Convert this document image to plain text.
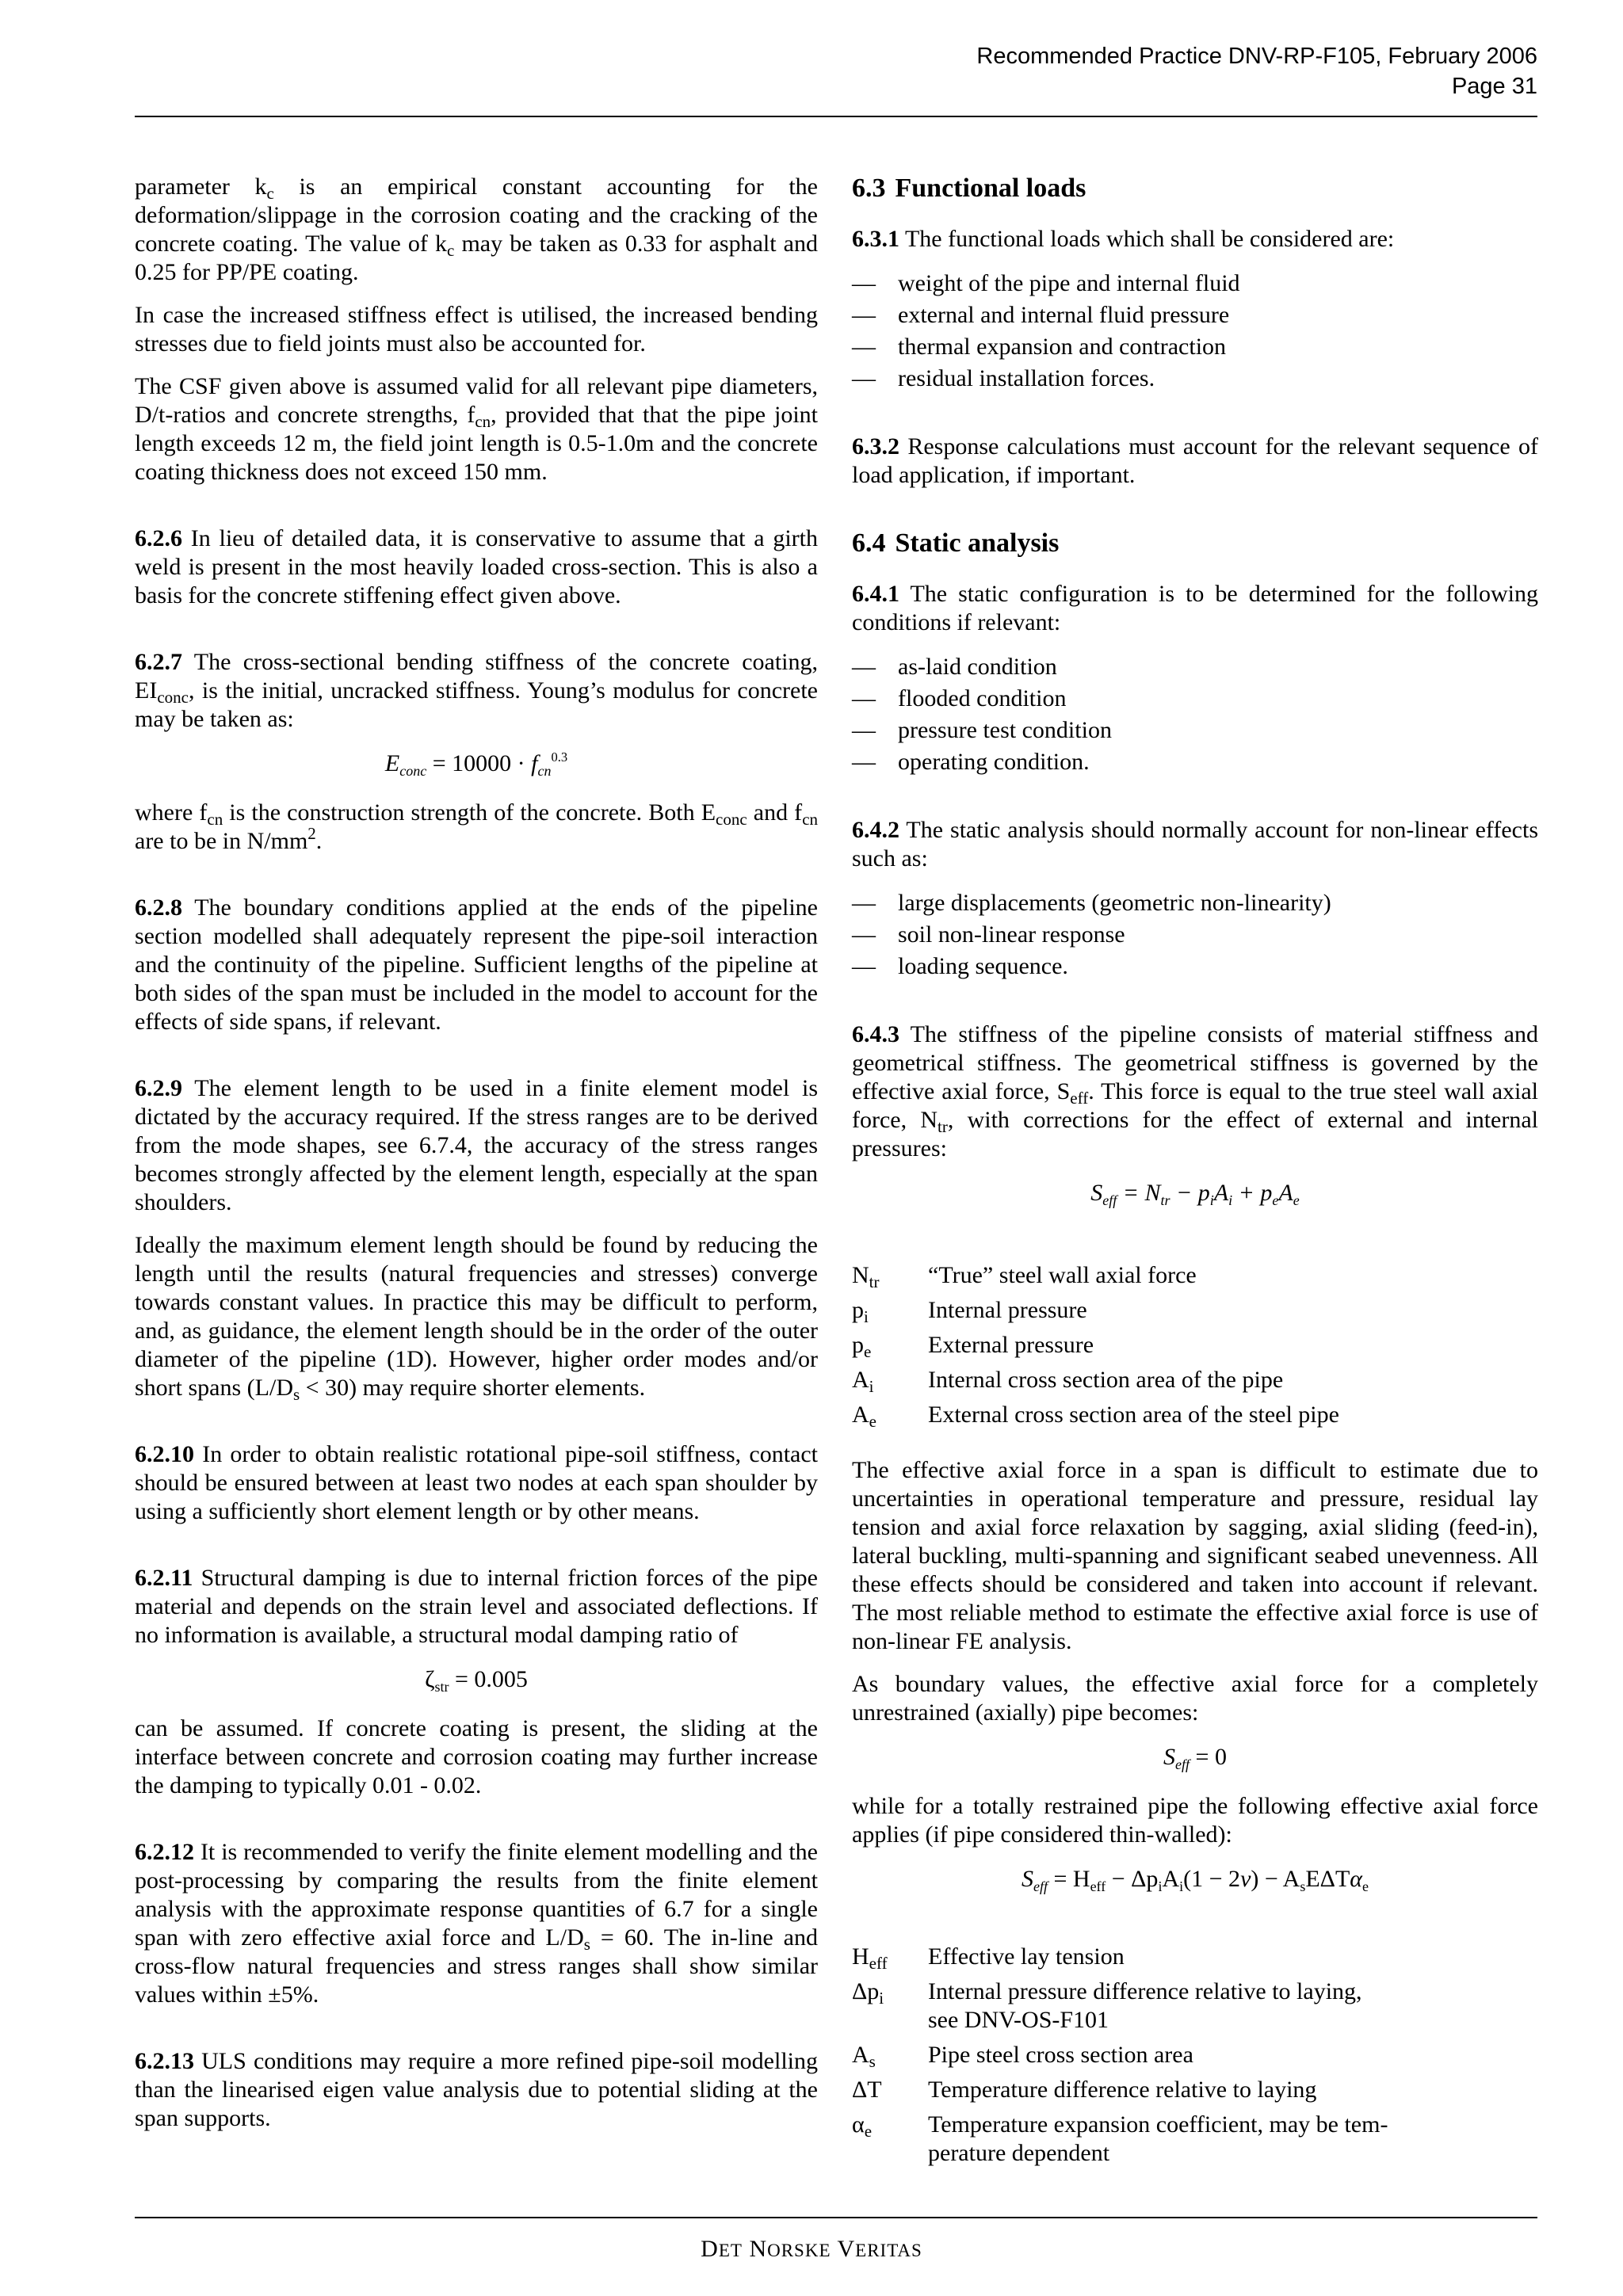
Recommended Practice DNV-RP-F105, February 2006
Page 31

parameter $k_c$ is an empirical constant accounting for the deformation/slippage in the corrosion coating and the cracking of the concrete coating. The value of $k_c$ may be taken as 0.33 for asphalt and 0.25 for PP/PE coating.

In case the increased stiffness effect is utilised, the increased bending stresses due to field joints must also be accounted for.

The CSF given above is assumed valid for all relevant pipe diameters, D/t-ratios and concrete strengths, $f_{cn}$, provided that that the pipe joint length exceeds 12 m, the field joint length is 0.5-1.0m and the concrete coating thickness does not exceed 150 mm.

6.2.6 In lieu of detailed data, it is conservative to assume that a girth weld is present in the most heavily loaded cross-section. This is also a basis for the concrete stiffening effect given above.

6.2.7 The cross-sectional bending stiffness of the concrete coating, $EI_{conc}$, is the initial, uncracked stiffness. Young’s modulus for concrete may be taken as:

$E_{conc} = 10000 \cdot f_{cn}^{0.3}$

where $f_{cn}$ is the construction strength of the concrete. Both $E_{conc}$ and $f_{cn}$ are to be in $N/mm^2$.

6.2.8 The boundary conditions applied at the ends of the pipeline section modelled shall adequately represent the pipe-soil interaction and the continuity of the pipeline. Sufficient lengths of the pipeline at both sides of the span must be included in the model to account for the effects of side spans, if relevant.

6.2.9 The element length to be used in a finite element model is dictated by the accuracy required. If the stress ranges are to be derived from the mode shapes, see 6.7.4, the accuracy of the stress ranges becomes strongly affected by the element length, especially at the span shoulders.

Ideally the maximum element length should be found by reducing the length until the results (natural frequencies and stresses) converge towards constant values. In practice this may be difficult to perform, and, as guidance, the element length should be in the order of the outer diameter of the pipeline (1D). However, higher order modes and/or short spans $(L/D_s < 30)$ may require shorter elements.

6.2.10 In order to obtain realistic rotational pipe-soil stiffness, contact should be ensured between at least two nodes at each span shoulder by using a sufficiently short element length or by other means.

6.2.11 Structural damping is due to internal friction forces of the pipe material and depends on the strain level and associated deflections. If no information is available, a structural modal damping ratio of

$\zeta_{str} = 0.005$

can be assumed. If concrete coating is present, the sliding at the interface between concrete and corrosion coating may further increase the damping to typically 0.01 - 0.02.

6.2.12 It is recommended to verify the finite element modelling and the post-processing by comparing the results from the finite element analysis with the approximate response quantities of 6.7 for a single span with zero effective axial force and $L/D_s = 60$. The in-line and cross-flow natural frequencies and stress ranges shall show similar values within ±5%.

6.2.13 ULS conditions may require a more refined pipe-soil modelling than the linearised eigen value analysis due to potential sliding at the span supports.

6.3 Functional loads

6.3.1 The functional loads which shall be considered are:

— weight of the pipe and internal fluid
— external and internal fluid pressure
— thermal expansion and contraction
— residual installation forces.

6.3.2 Response calculations must account for the relevant sequence of load application, if important.

6.4 Static analysis

6.4.1 The static configuration is to be determined for the following conditions if relevant:

— as-laid condition
— flooded condition
— pressure test condition
— operating condition.

6.4.2 The static analysis should normally account for non-linear effects such as:

— large displacements (geometric non-linearity)
— soil non-linear response
— loading sequence.

6.4.3 The stiffness of the pipeline consists of material stiffness and geometrical stiffness. The geometrical stiffness is governed by the effective axial force, $S_{eff}$. This force is equal to the true steel wall axial force, $N_{tr}$, with corrections for the effect of external and internal pressures:

$S_{eff} = N_{tr} - p_iA_i + p_eA_e$
$N_{tr}$	“True” steel wall axial force
$p_i$	Internal pressure
$p_e$	External pressure
$A_i$	Internal cross section area of the pipe
$A_e$	External cross section area of the steel pipe

The effective axial force in a span is difficult to estimate due to uncertainties in operational temperature and pressure, residual lay tension and axial force relaxation by sagging, axial sliding (feed-in), lateral buckling, multi-spanning and significant seabed unevenness. All these effects should be considered and taken into account if relevant. The most reliable method to estimate the effective axial force is use of non-linear FE analysis.

As boundary values, the effective axial force for a completely unrestrained (axially) pipe becomes:

$S_{eff} = 0$

while for a totally restrained pipe the following effective axial force applies (if pipe considered thin-walled):

$S_{eff} = H_{eff} - \Delta p_iA_i(1 - 2\nu) - A_sE\Delta T\alpha_e$
$H_{eff}$	Effective lay tension
$\Delta p_i$	Internal pressure difference relative to laying,
see DNV-OS-F101
$A_s$	Pipe steel cross section area
ΔT	Temperature difference relative to laying
$\alpha_e$	Temperature expansion coefficient, may be tem-
perature dependent
DET NORSKE VERITAS
